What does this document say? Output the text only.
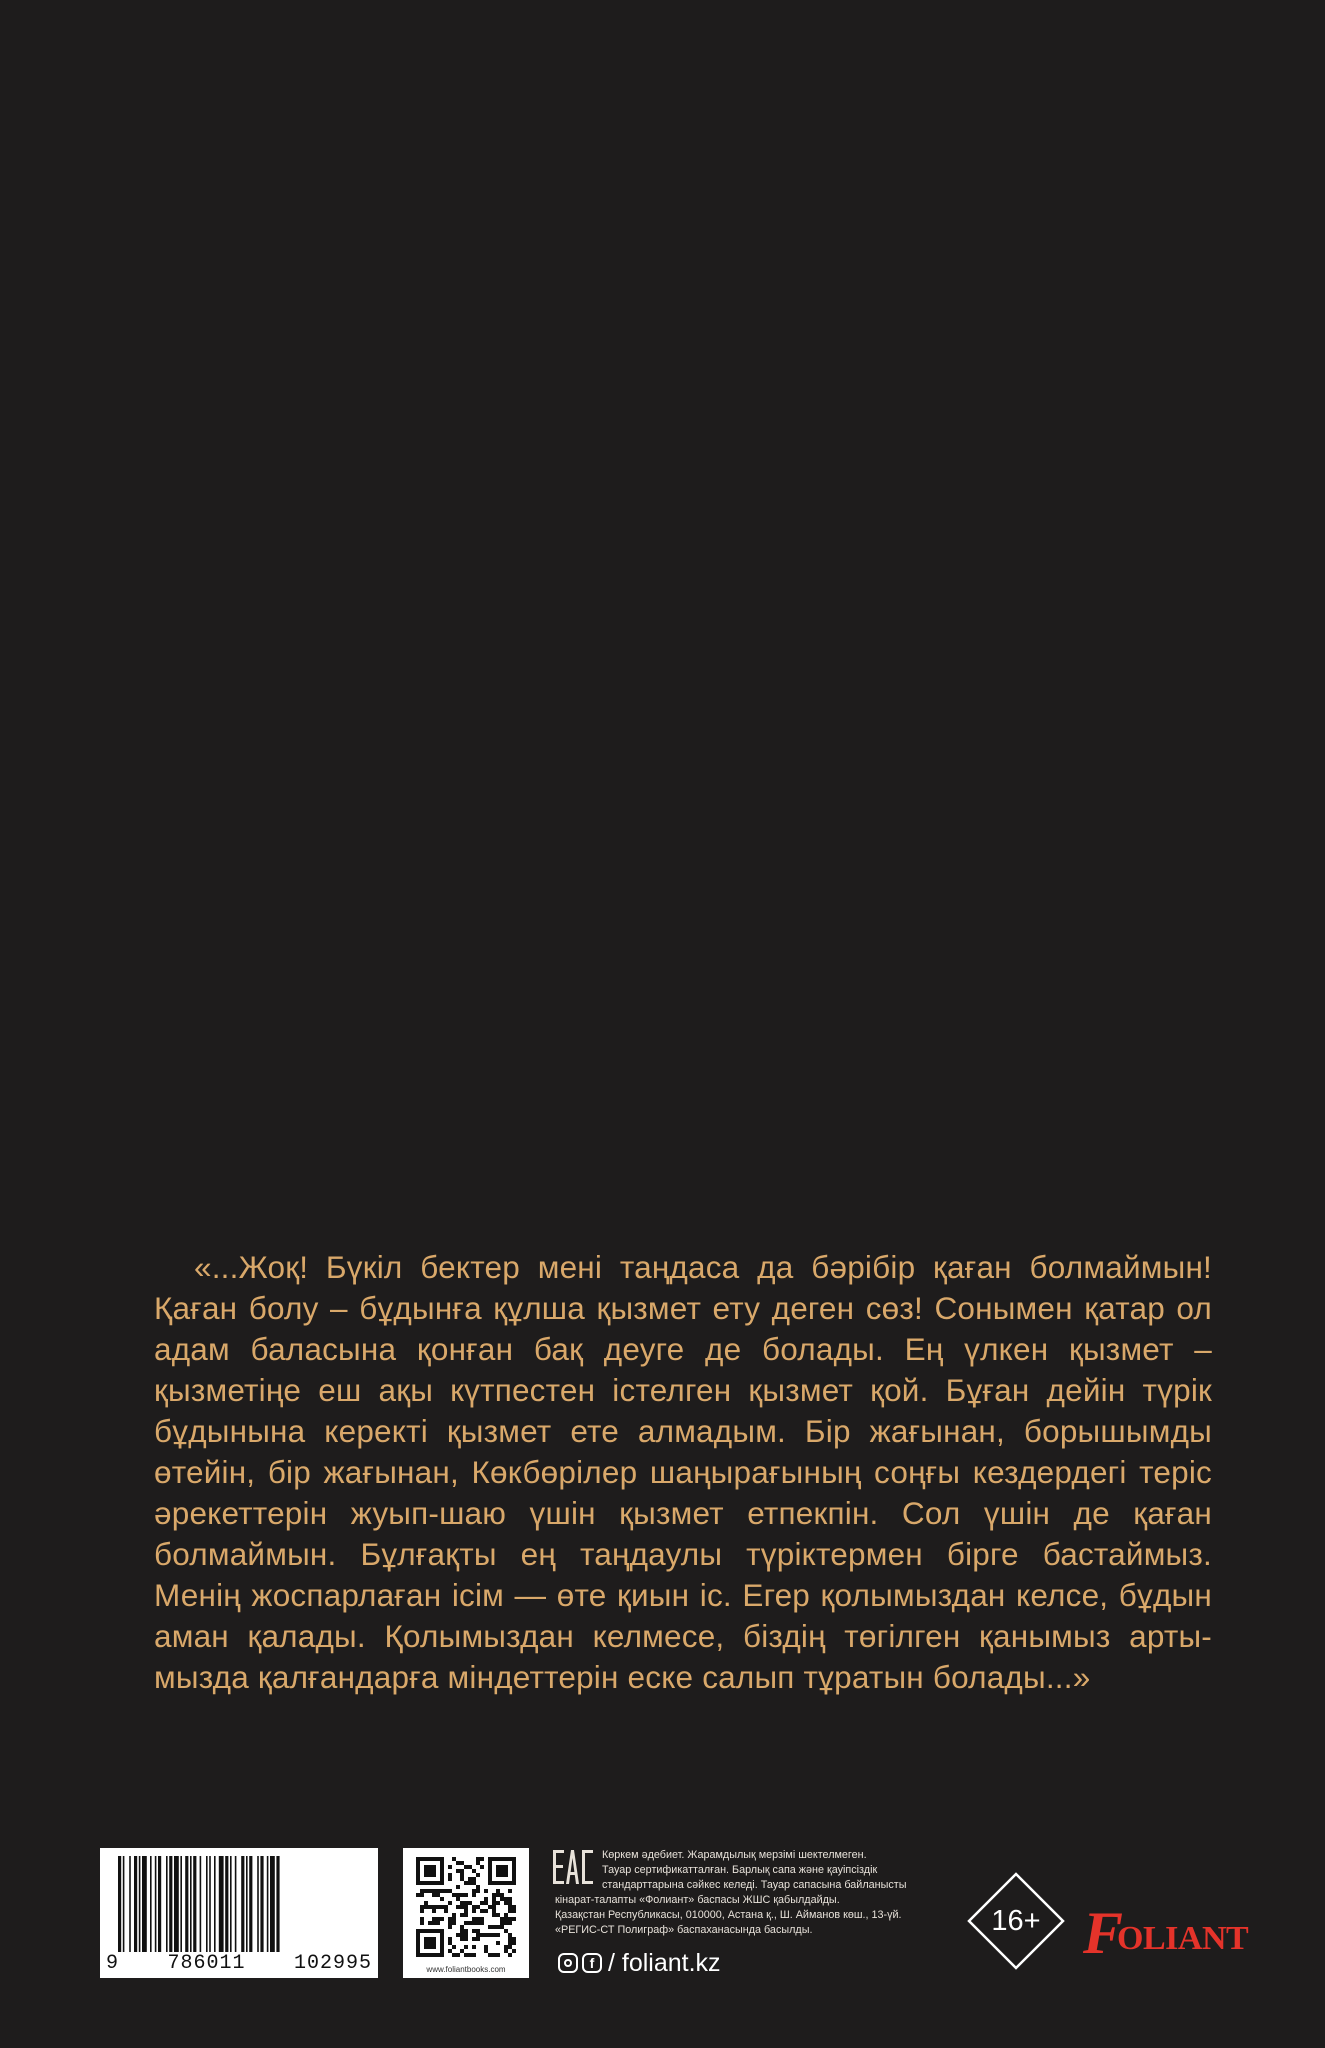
«...Жоқ! Бүкіл бектер мені таңдаса да бәрібір қаған болмаймын!
Қаған болу – бұдынға құлша қызмет ету деген сөз! Сонымен қатар ол
адам баласына қонған бақ деуге де болады. Ең үлкен қызмет –
қызметіңе еш ақы күтпестен істелген қызмет қой. Бұған дейін түрік
бұдынына керекті қызмет ете алмадым. Бір жағынан, борышымды
өтейін, бір жағынан, Көкбөрілер шаңырағының соңғы кездердегі теріс
әрекеттерін жуып-шаю үшін қызмет етпекпін. Сол үшін де қаған
болмаймын. Бұлғақты ең таңдаулы түріктермен бірге бастаймыз.
Менің жоспарлаған ісім — өте қиын іс. Егер қолымыздан келсе, бұдын
аман қалады. Қолымыздан келмесе, біздің төгілген қанымыз арты-
мызда қалғандарға міндеттерін еске салып тұратын болады...»
9 786011 102995	www.foliantbooks.com
Көркем әдебиет. Жарамдылық мерзімі шектелмеген.
Тауар сертификатталған. Барлық сапа және қауіпсіздік
стандарттарына сәйкес келеді. Тауар сапасына байланысты
кінарат-талапты «Фолиант» баспасы ЖШС қабылдайды.
Қазақстан Республикасы, 010000, Астана қ., Ш. Айманов көш., 13-үй.
«РЕГИС-СТ Полиграф» баспаханасында басылды.
f / foliant.kz
16+ F
OLIANT
